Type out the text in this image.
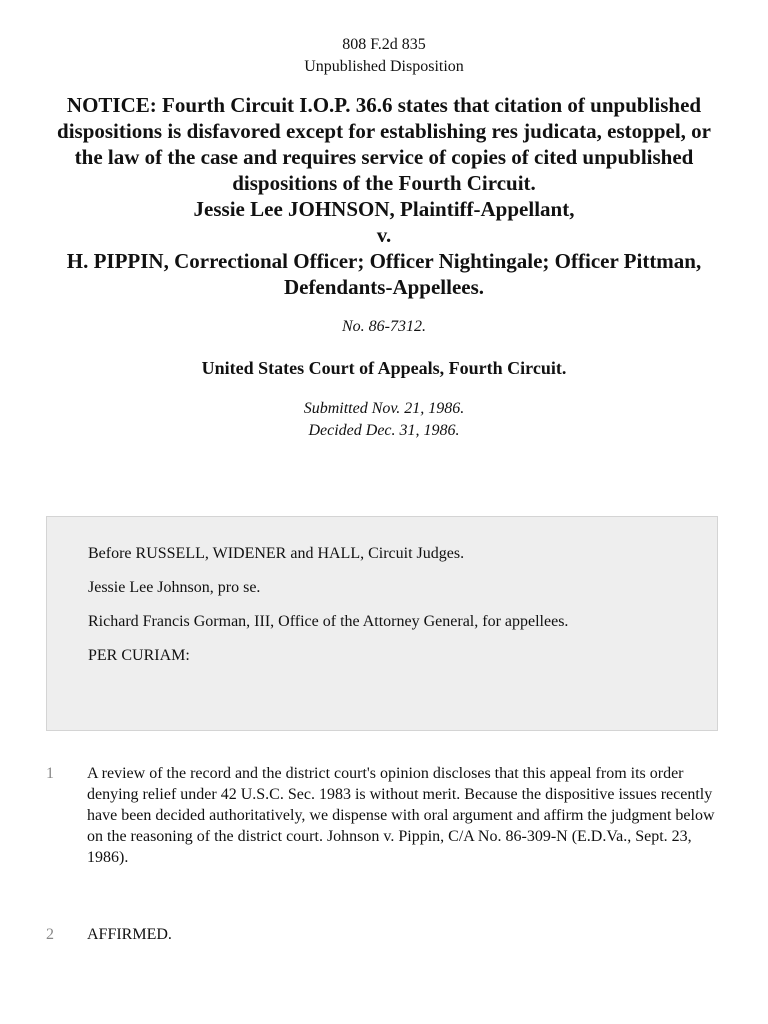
808 F.2d 835
Unpublished Disposition
NOTICE: Fourth Circuit I.O.P. 36.6 states that citation of unpublished dispositions is disfavored except for establishing res judicata, estoppel, or the law of the case and requires service of copies of cited unpublished dispositions of the Fourth Circuit.
Jessie Lee JOHNSON, Plaintiff-Appellant,
v.
H. PIPPIN, Correctional Officer; Officer Nightingale; Officer Pittman, Defendants-Appellees.
No. 86-7312.
United States Court of Appeals, Fourth Circuit.
Submitted Nov. 21, 1986.
Decided Dec. 31, 1986.

Before RUSSELL, WIDENER and HALL, Circuit Judges.

Jessie Lee Johnson, pro se.

Richard Francis Gorman, III, Office of the Attorney General, for appellees.

PER CURIAM:

1	A review of the record and the district court's opinion discloses that this appeal from its order denying relief under 42 U.S.C. Sec. 1983 is without merit. Because the dispositive issues recently have been decided authoritatively, we dispense with oral argument and affirm the judgment below on the reasoning of the district court. Johnson v. Pippin, C/A No. 86-309-N (E.D.Va., Sept. 23, 1986).
2	AFFIRMED.
